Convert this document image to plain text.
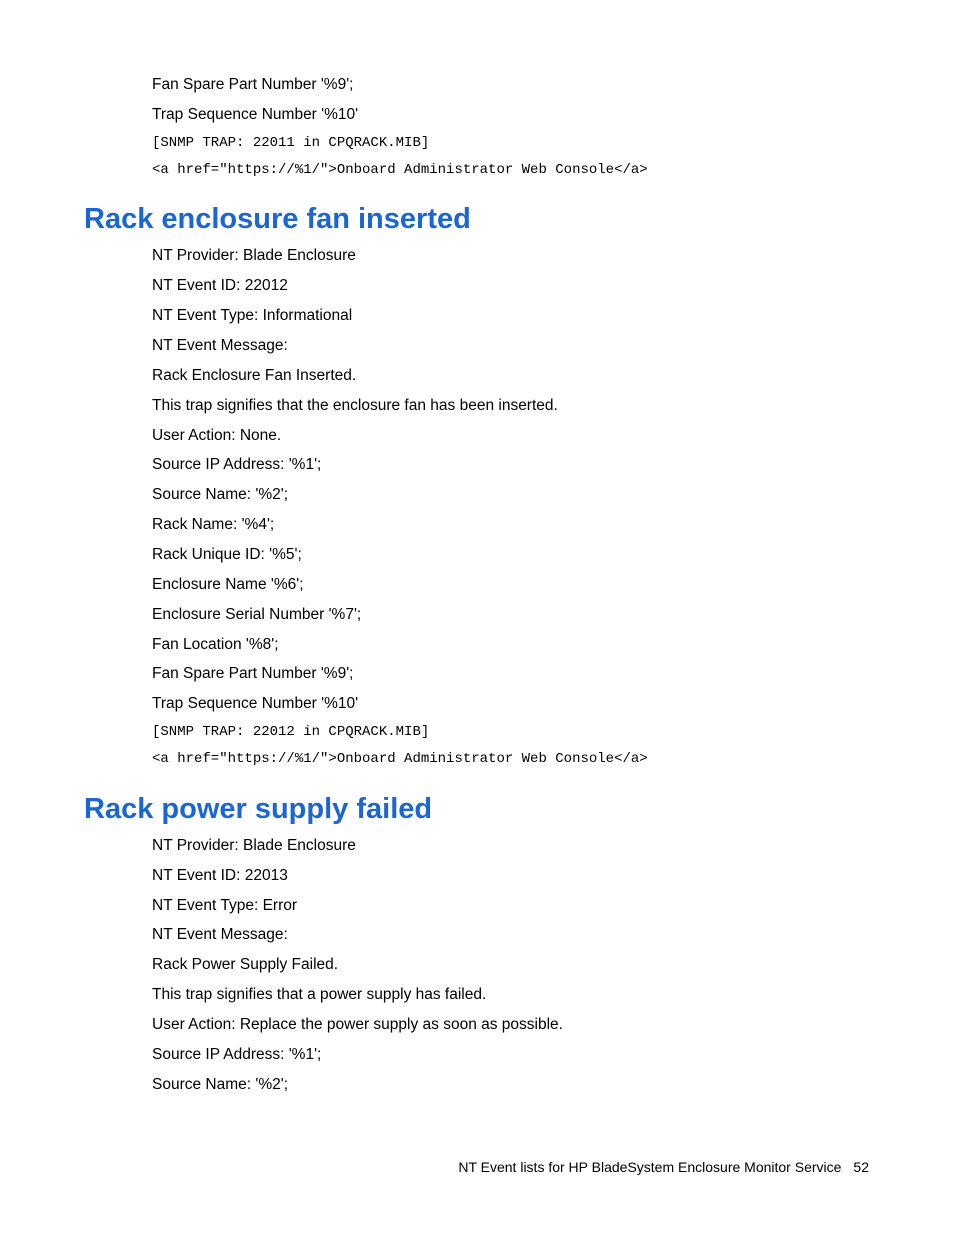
Fan Spare Part Number '%9';
Trap Sequence Number '%10'
[SNMP TRAP: 22011 in CPQRACK.MIB]
<a href="https://%1/">Onboard Administrator Web Console</a>
Rack enclosure fan inserted
NT Provider: Blade Enclosure
NT Event ID: 22012
NT Event Type: Informational
NT Event Message:
Rack Enclosure Fan Inserted.
This trap signifies that the enclosure fan has been inserted.
User Action: None.
Source IP Address: '%1';
Source Name: '%2';
Rack Name: '%4';
Rack Unique ID: '%5';
Enclosure Name '%6';
Enclosure Serial Number '%7';
Fan Location '%8';
Fan Spare Part Number '%9';
Trap Sequence Number '%10'
[SNMP TRAP: 22012 in CPQRACK.MIB]
<a href="https://%1/">Onboard Administrator Web Console</a>
Rack power supply failed
NT Provider: Blade Enclosure
NT Event ID: 22013
NT Event Type: Error
NT Event Message:
Rack Power Supply Failed.
This trap signifies that a power supply has failed.
User Action: Replace the power supply as soon as possible.
Source IP Address: '%1';
Source Name: '%2';
NT Event lists for HP BladeSystem Enclosure Monitor Service 52
